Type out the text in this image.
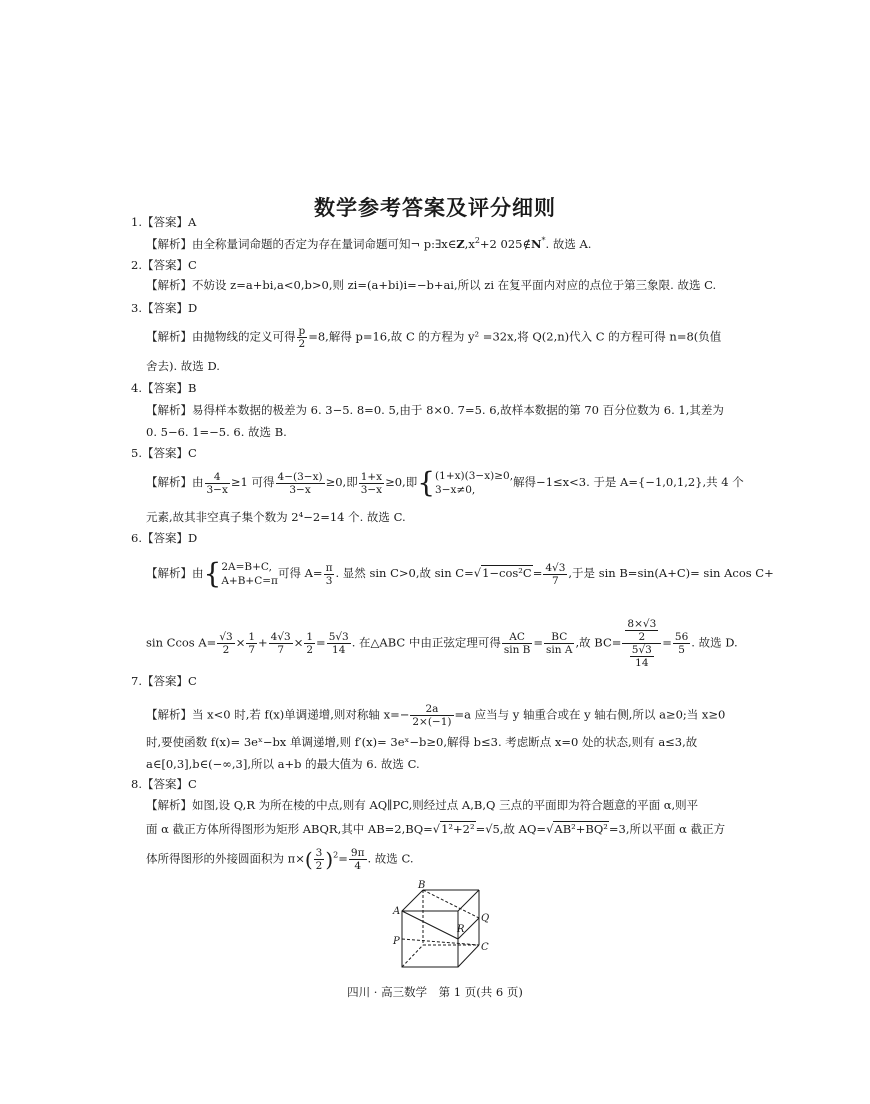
数学参考答案及评分细则
1.【答案】A
【解析】由全称量词命题的否定为存在量词命题可知¬ $p:\exists x\in Z,x^2+2$ 025∉N*. 故选 A.
2.【答案】C
【解析】不妨设 z=a+bi,a<0,b>0,则 zi=(a+bi)i=−b+ai,所以 zi 在复平面内对应的点位于第三象限. 故选 C.
3.【答案】D
【解析】由抛物线的定义可得 $\frac{p}{2} =8$,解得 p=16,故 C 的方程为 y² =32x,将 Q(2,n)代入 C 的方程可得 n=8(负值
舍去). 故选 D.
4.【答案】B
【解析】易得样本数据的极差为 6. 3−5. 8=0. 5,由于 8×0. 7=5. 6,故样本数据的第 70 百分位数为 6. 1,其差为
0. 5−6. 1=−5. 6. 故选 B.
5.【答案】C
【解析】由 $\frac{4}{3-x} \ge 1$ 可得 $\frac{4-(3-x)}{3-x} \ge 0$,即 $\frac{1+x}{3-x} \ge 0$,即{ (1+x)(3−x)≥0,
3−x≠0,
解得−1≤x<3. 于是 A={−1,0,1,2},共 4 个
元素,故其非空真子集个数为 2⁴−2=14 个. 故选 C.
6.【答案】D
【解析】由{ 2A=B+C,
A+B+C=π
可得 $A= \frac{\pi}{3}$ . 显然 sin C>0,故 $\sin C=√1-\cos^2C= \frac{4√3}{7}$ ,于是 sin B=sin(A+C)= sin Acos C+
sin Ccos $A= \frac{√3}{2} \times \frac{1}{7} + \frac{4√3}{7} \times \frac{1}{2} = \frac{5√3}{14}$ . 在△ABC 中由正弦定理可得 $\frac{AC}{\text{sin B}} = \frac{BC}{\text{sin A}}$ ,故 $BC= \frac{\frac{8\times√3}{2}}{\frac{5√3}{14}} = \frac{56}{5}$ . 故选 D.
7.【答案】C
【解析】当 x<0 时,若 f(x)单调递增,则对称轴 $x=- \frac{2a}{2\times(-1)} =a$ 应当与 y 轴重合或在 y 轴右侧,所以 a≥0;当 x≥0
时,要使函数 f(x)= 3eˣ−bx 单调递增,则 f′(x)= 3eˣ−b≥0,解得 b≤3. 考虑断点 x=0 处的状态,则有 a≤3,故
a∈[0,3],b∈(−∞,3],所以 a+b 的最大值为 6. 故选 C.
8.【答案】C
【解析】如图,设 Q,R 为所在棱的中点,则有 AQ∥PC,则经过点 A,B,Q 三点的平面即为符合题意的平面 α,则平
面 α 截正方体所得图形为矩形 ABQR,其中 AB=2,BQ=√1²+2²=√5,故 AQ=√AB²+BQ²=3,所以平面 α 截正方
体所得图形的外接圆面积为 $\pi\times( \frac{3}{2} )^2= \frac{9\pi}{4}$ . 故选 C.
B
A
Q
R
P
C
四川 · 高三数学　第 1 页(共 6 页)
